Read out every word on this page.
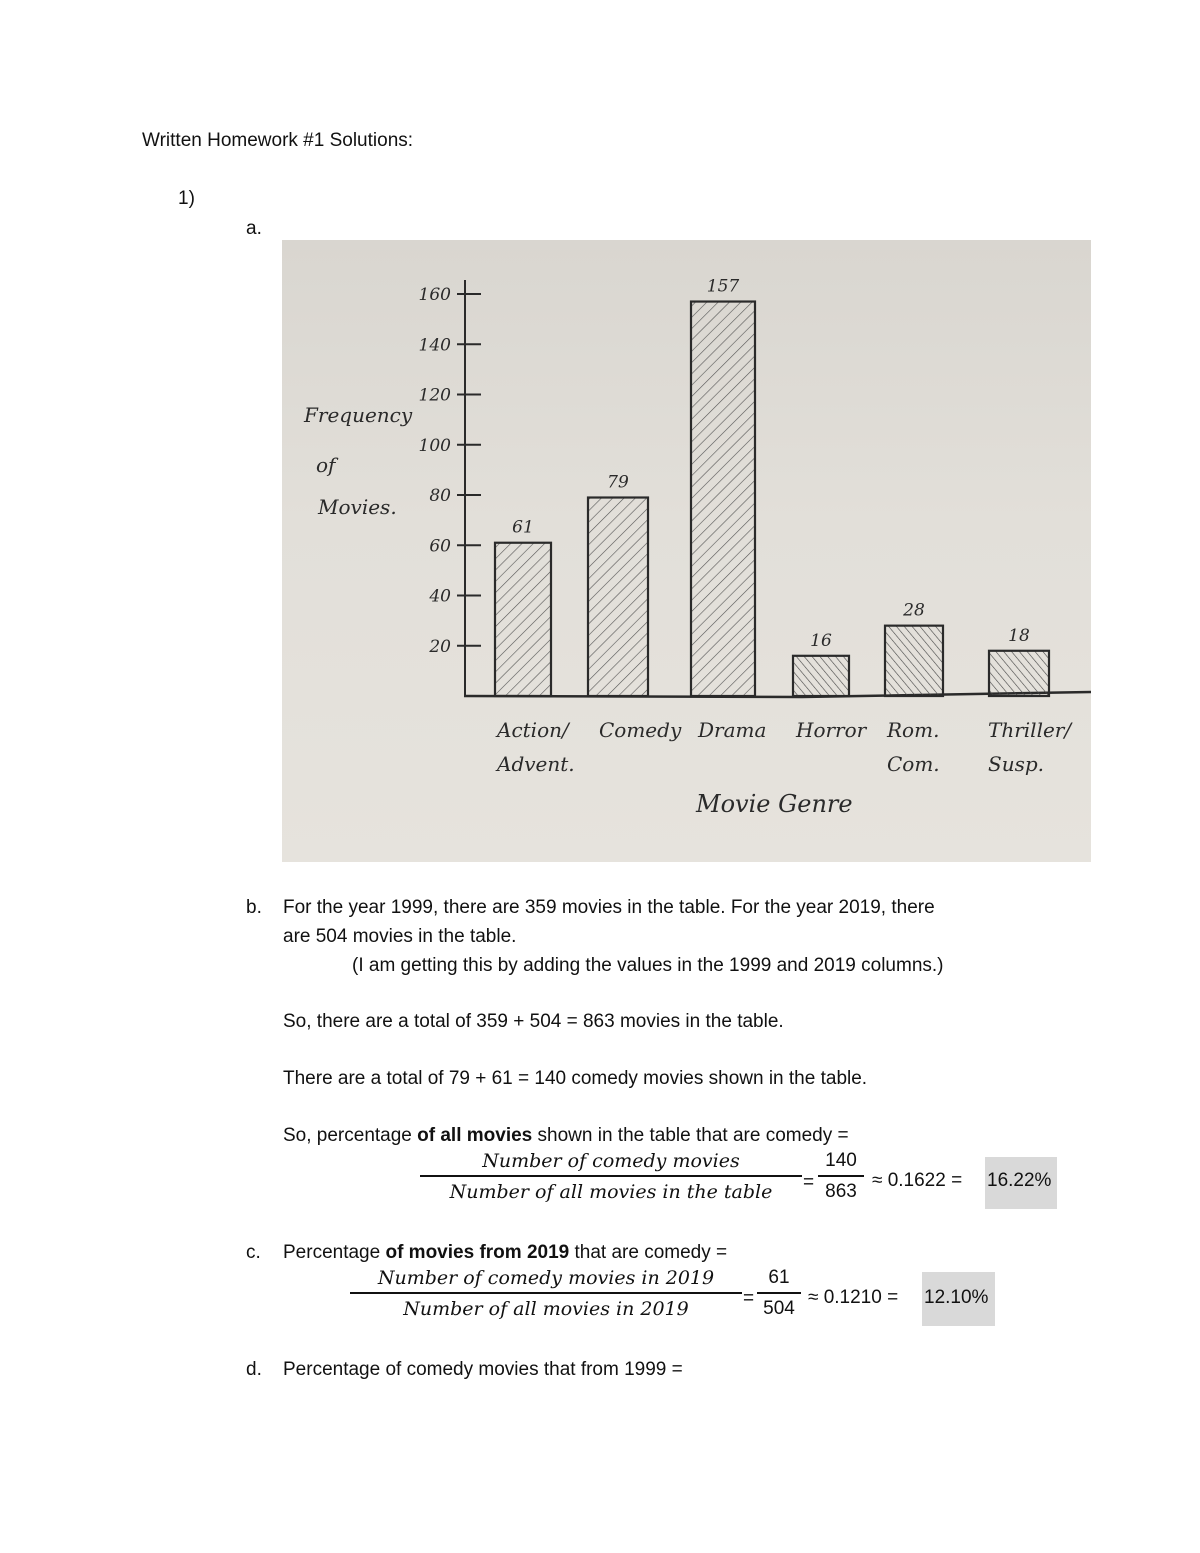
Written Homework #1 Solutions:
1)
a.
20
40
60
80
100
120
140
160
Frequency
of
Movies.
61
79
157
16
28
18
Action/
Advent.
Comedy Drama Horror Rom.
Com.
Thriller/
Susp.
Movie Genre
b. For the year 1999, there are 359 movies in the table. For the year 2019, there
are 504 movies in the table.
(I am getting this by adding the values in the 1999 and 2019 columns.)
So, there are a total of 359 + 504 = 863 movies in the table.
There are a total of 79 + 61 = 140 comedy movies shown in the table.
So, percentage of all movies shown in the table that are comedy =
Number of comedy movies
Number of all movies in the table	=
140
863
≈ 0.1622 = 16.22%
c. Percentage of movies from 2019 that are comedy =
Number of comedy movies in 2019
Number of all movies in 2019	=
61
504
≈ 0.1210 = 12.10%
d. Percentage of comedy movies that from 1999 =
